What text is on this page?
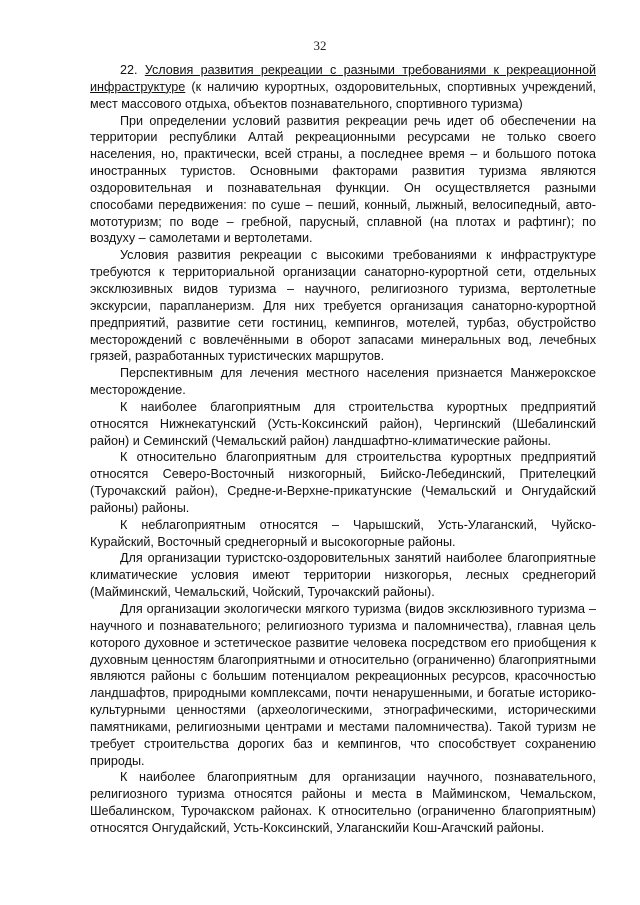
32

22. Условия развития рекреации с разными требованиями к рекреационной инфраструктуре (к наличию курортных, оздоровительных, спортивных учреждений, мест массового отдыха, объектов познавательного, спортивного туризма)

При определении условий развития рекреации речь идет об обеспечении на территории республики Алтай рекреационными ресурсами не только своего населения, но, практически, всей страны, а последнее время – и большого потока иностранных туристов. Основными факторами развития туризма являются оздоровительная и познавательная функции. Он осуществляется разными способами передвижения: по суше – пеший, конный, лыжный, велосипедный, авто-мототуризм; по воде – гребной, парусный, сплавной (на плотах и рафтинг); по воздуху – самолетами и вертолетами.

Условия развития рекреации с высокими требованиями к инфраструктуре требуются к территориальной организации санаторно-курортной сети, отдельных эксклюзивных видов туризма – научного, религиозного туризма, вертолетные экскурсии, парапланеризм. Для них требуется организация санаторно-курортной предприятий, развитие сети гостиниц, кемпингов, мотелей, турбаз, обустройство месторождений с вовлечёнными в оборот запасами минеральных вод, лечебных грязей, разработанных туристических маршрутов.

Перспективным для лечения местного населения признается Манжерокское месторождение.

К наиболее благоприятным для строительства курортных предприятий относятся Нижнекатунский (Усть-Коксинский район), Чергинский (Шебалинский район) и Семинский (Чемальский район) ландшафтно-климатические районы.

К относительно благоприятным для строительства курортных предприятий относятся Северо-Восточный низкогорный, Бийско-Лебединский, Прителецкий (Турочакский район), Средне-и-Верхне-прикатунские (Чемальский и Онгудайский районы) районы.

К неблагоприятным относятся – Чарышский, Усть-Улаганский, Чуйско-Курайский, Восточный среднегорный и высокогорные районы.

Для организации туристско-оздоровительных занятий наиболее благоприятные климатические условия имеют территории низкогорья, лесных среднегорий (Майминский, Чемальский, Чойский, Турочакский районы).

Для организации экологически мягкого туризма (видов эксклюзивного туризма – научного и познавательного; религиозного туризма и паломничества), главная цель которого духовное и эстетическое развитие человека посредством его приобщения к духовным ценностям благоприятными и относительно (ограниченно) благоприятными являются районы с большим потенциалом рекреационных ресурсов, красочностью ландшафтов, природными комплексами, почти ненарушенными, и богатые историко-культурными ценностями (археологическими, этнографическими, историческими памятниками, религиозными центрами и местами паломничества). Такой туризм не требует строительства дорогих баз и кемпингов, что способствует сохранению природы.

К наиболее благоприятным для организации научного, познавательного, религиозного туризма относятся районы и места в Майминском, Чемальском, Шебалинском, Турочакском районах. К относительно (ограниченно благоприятным) относятся Онгудайский, Усть-Коксинский, Улаганскийи Кош-Агачский районы.
